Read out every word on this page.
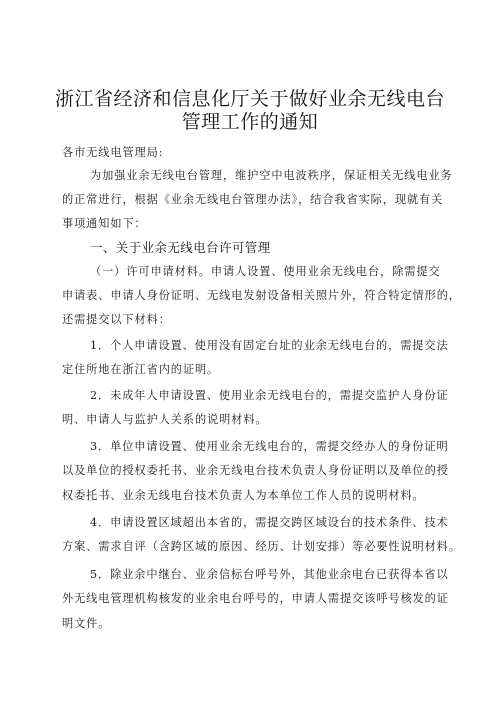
浙江省经济和信息化厅关于做好业余无线电台
管理工作的通知
各市无线电管理局:
为加强业余无线电台管理，维护空中电波秩序，保证相关无线电业务
的正常进行，根据《业余无线电台管理办法》，结合我省实际，现就有关
事项通知如下：
一、关于业余无线电台许可管理
（一）许可申请材料。申请人设置、使用业余无线电台，除需提交
申请表、申请人身份证明、无线电发射设备相关照片外，符合特定情形的，
还需提交以下材料：
1．个人申请设置、使用没有固定台址的业余无线电台的，需提交法
定住所地在浙江省内的证明。
2．未成年人申请设置、使用业余无线电台的，需提交监护人身份证
明、申请人与监护人关系的说明材料。
3．单位申请设置、使用业余无线电台的，需提交经办人的身份证明
以及单位的授权委托书、业余无线电台技术负责人身份证明以及单位的授
权委托书、业余无线电台技术负责人为本单位工作人员的说明材料。
4．申请设置区域超出本省的，需提交跨区域设台的技术条件、技术
方案、需求自评（含跨区域的原因、经历、计划安排）等必要性说明材料。
5．除业余中继台、业余信标台呼号外，其他业余电台已获得本省以
外无线电管理机构核发的业余电台呼号的，申请人需提交该呼号核发的证
明文件。
